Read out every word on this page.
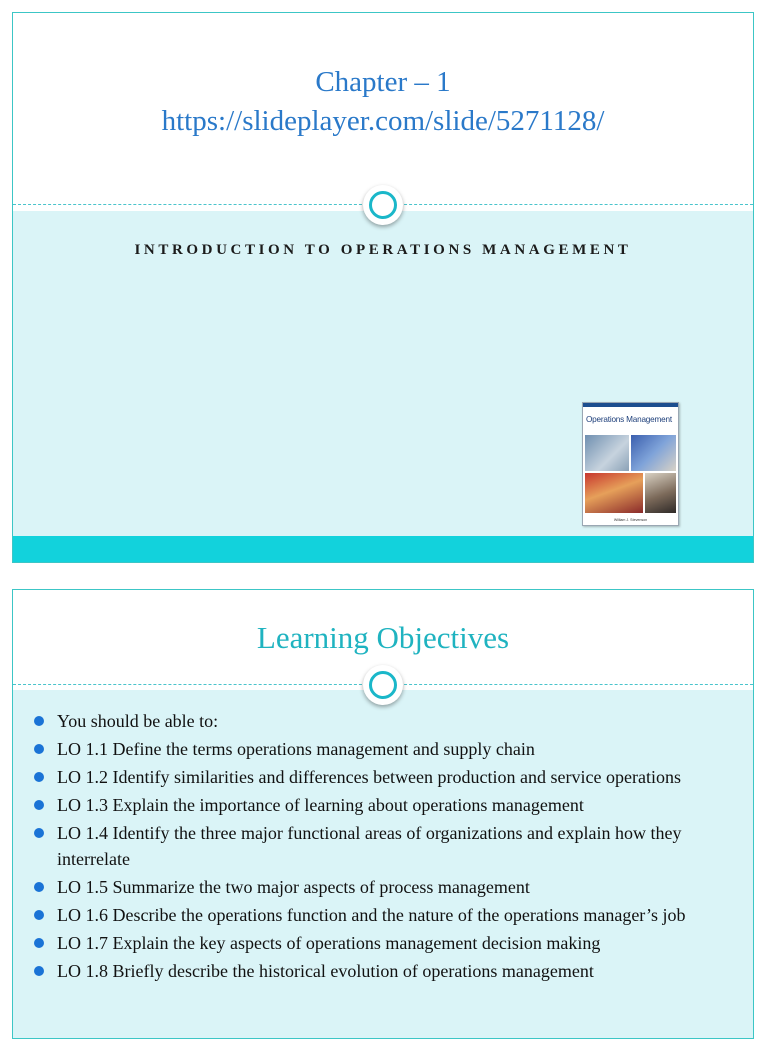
Chapter – 1
https://slideplayer.com/slide/5271128/
INTRODUCTION TO OPERATIONS MANAGEMENT
Operations Management
William J. Stevenson
Learning Objectives
You should be able to:
LO 1.1 Define the terms operations management and supply chain
LO 1.2 Identify similarities and differences between production and service operations
LO 1.3 Explain the importance of learning about operations management
LO 1.4 Identify the three major functional areas of organizations and explain how they interrelate
LO 1.5 Summarize the two major aspects of process management
LO 1.6 Describe the operations function and the nature of the operations manager’s job
LO 1.7 Explain the key aspects of operations management decision making
LO 1.8 Briefly describe the historical evolution of operations management
